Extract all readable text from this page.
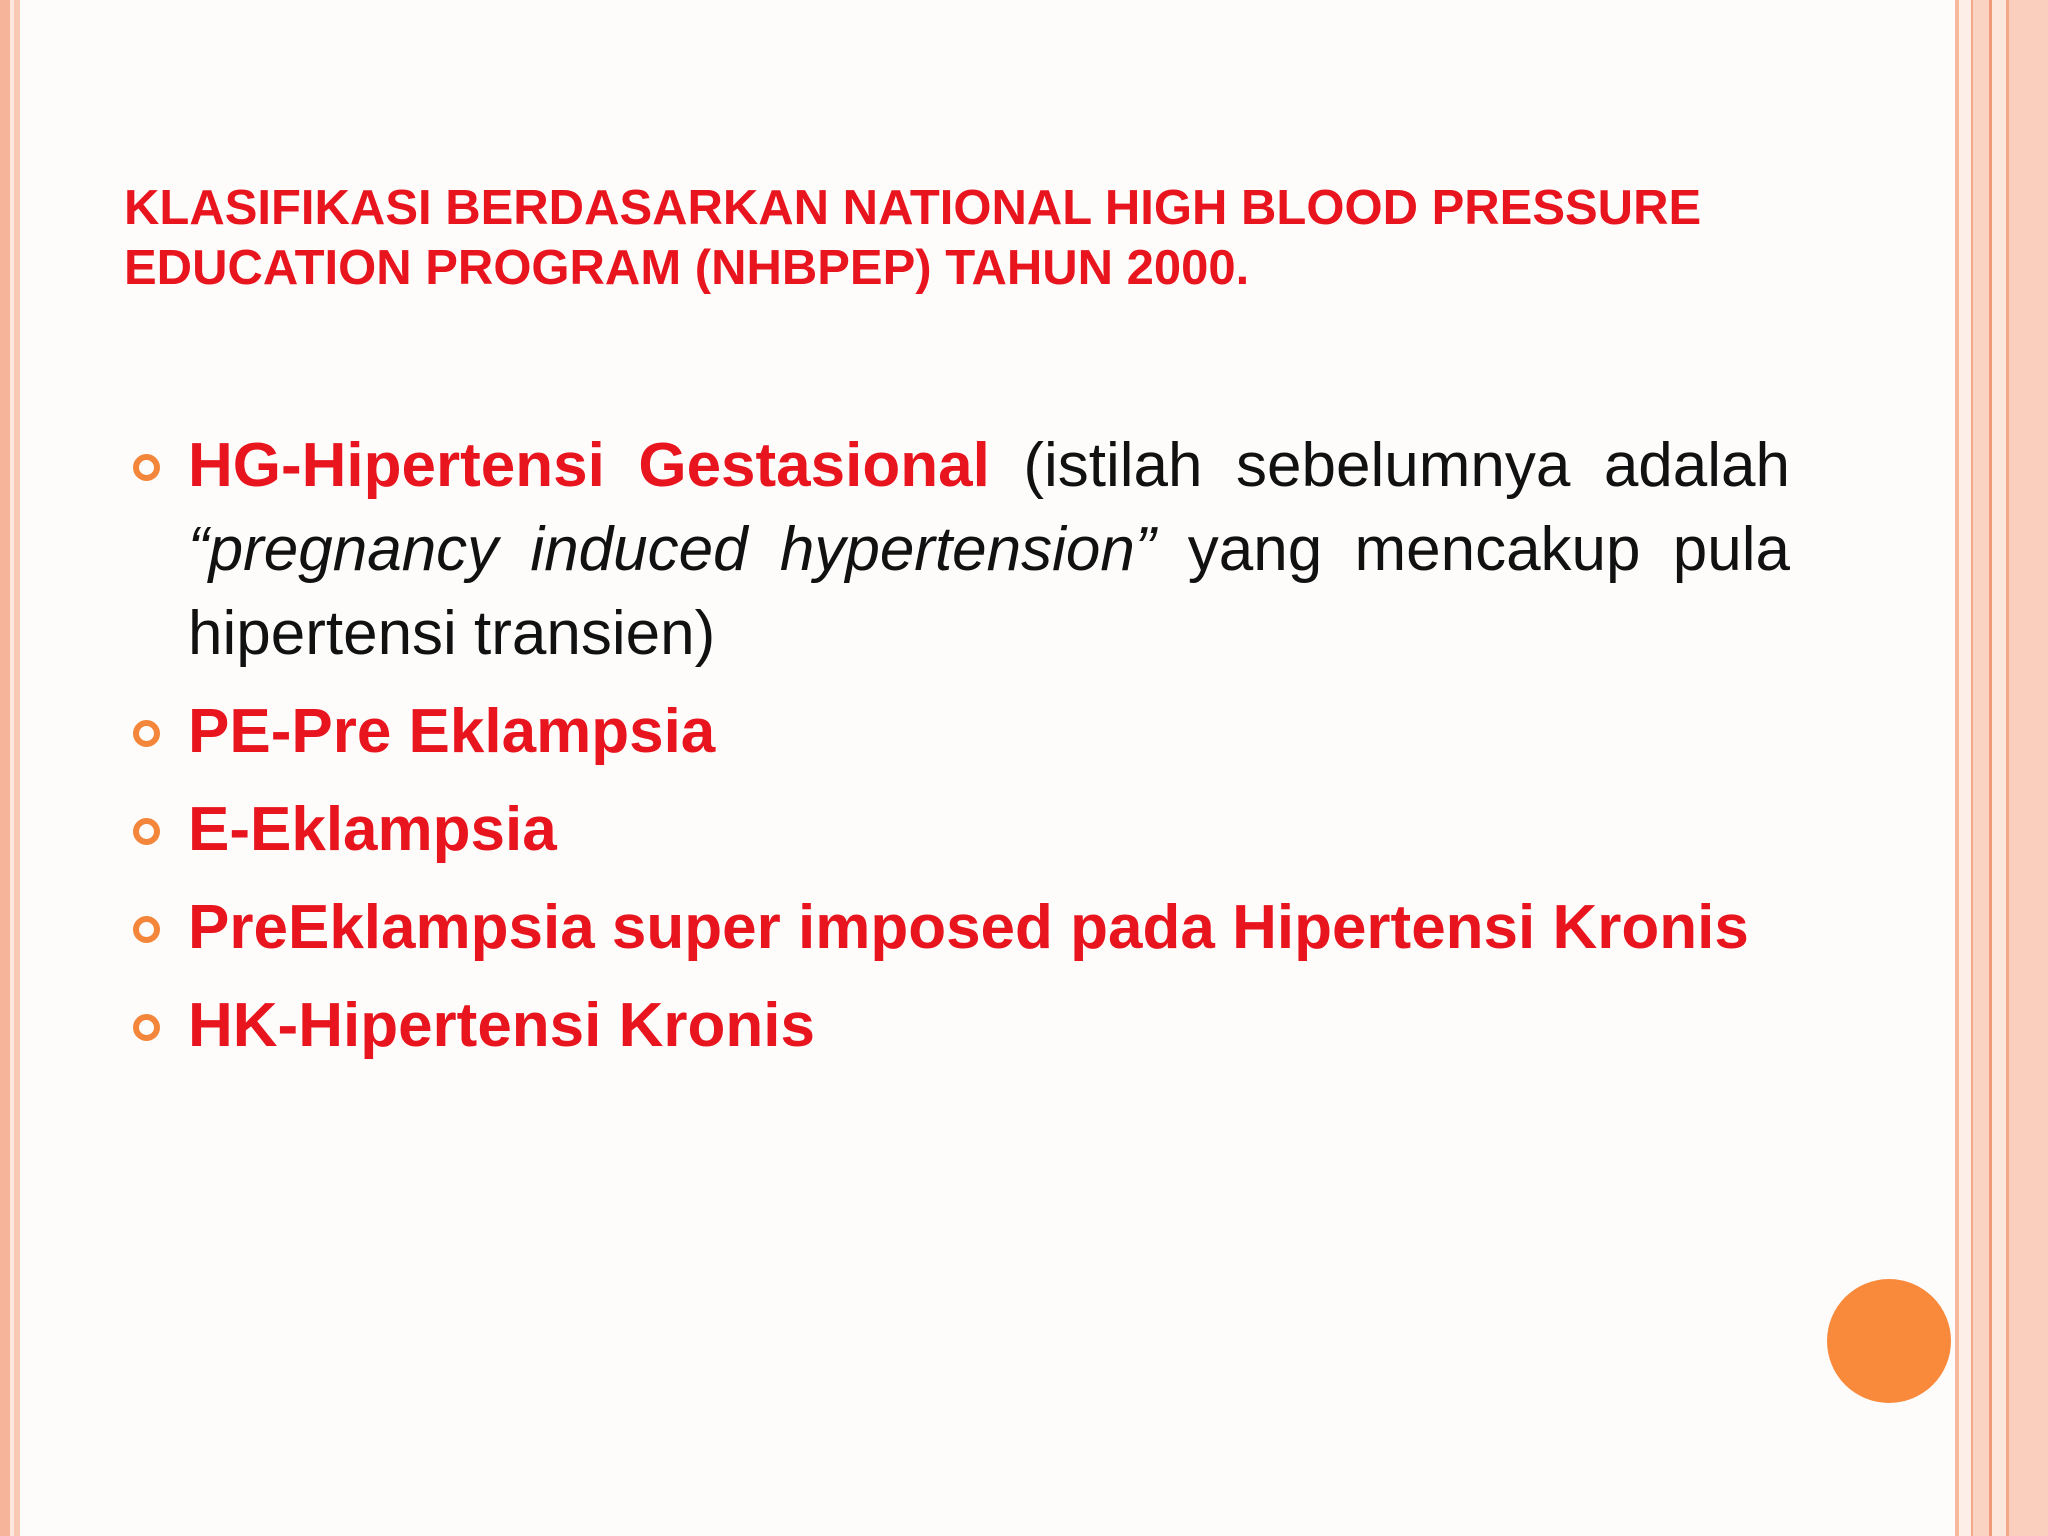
KLASIFIKASI BERDASARKAN NATIONAL HIGH BLOOD PRESSURE EDUCATION PROGRAM (NHBPEP) TAHUN 2000.
HG-Hipertensi Gestasional (istilah sebelumnya adalah “pregnancy induced hypertension” yang mencakup pula hipertensi transien)
PE-Pre Eklampsia
E-Eklampsia
PreEklampsia super imposed pada Hipertensi Kronis
HK-Hipertensi Kronis
